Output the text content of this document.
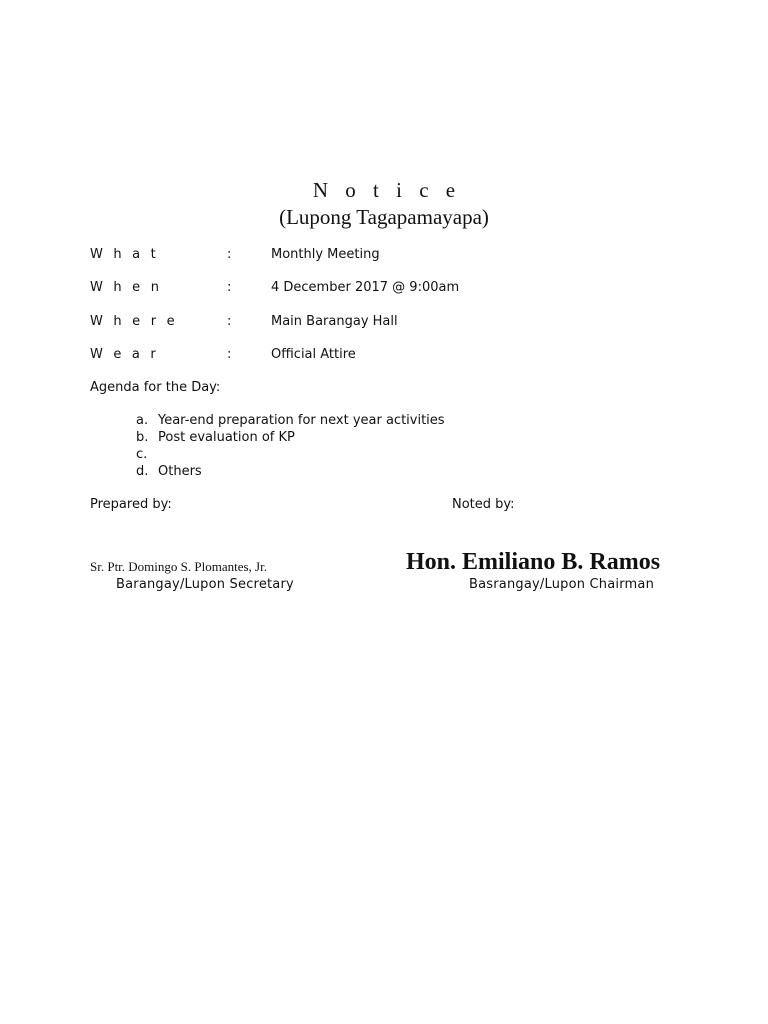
N o t i c e
(Lupong Tagapamayapa)
W h a t	:	Monthly Meeting
W h e n	:	4 December 2017 @ 9:00am
W h e r e	:	Main Barangay Hall
W e a r	:	Official Attire
Agenda for the Day:
a. Year-end preparation for next year activities
b. Post evaluation of KP
c.
d. Others
Prepared by:	Noted by:
Sr. Ptr. Domingo S. Plomantes, Jr.
Barangay/Lupon Secretary
Hon. Emiliano B. Ramos
Basrangay/Lupon Chairman
